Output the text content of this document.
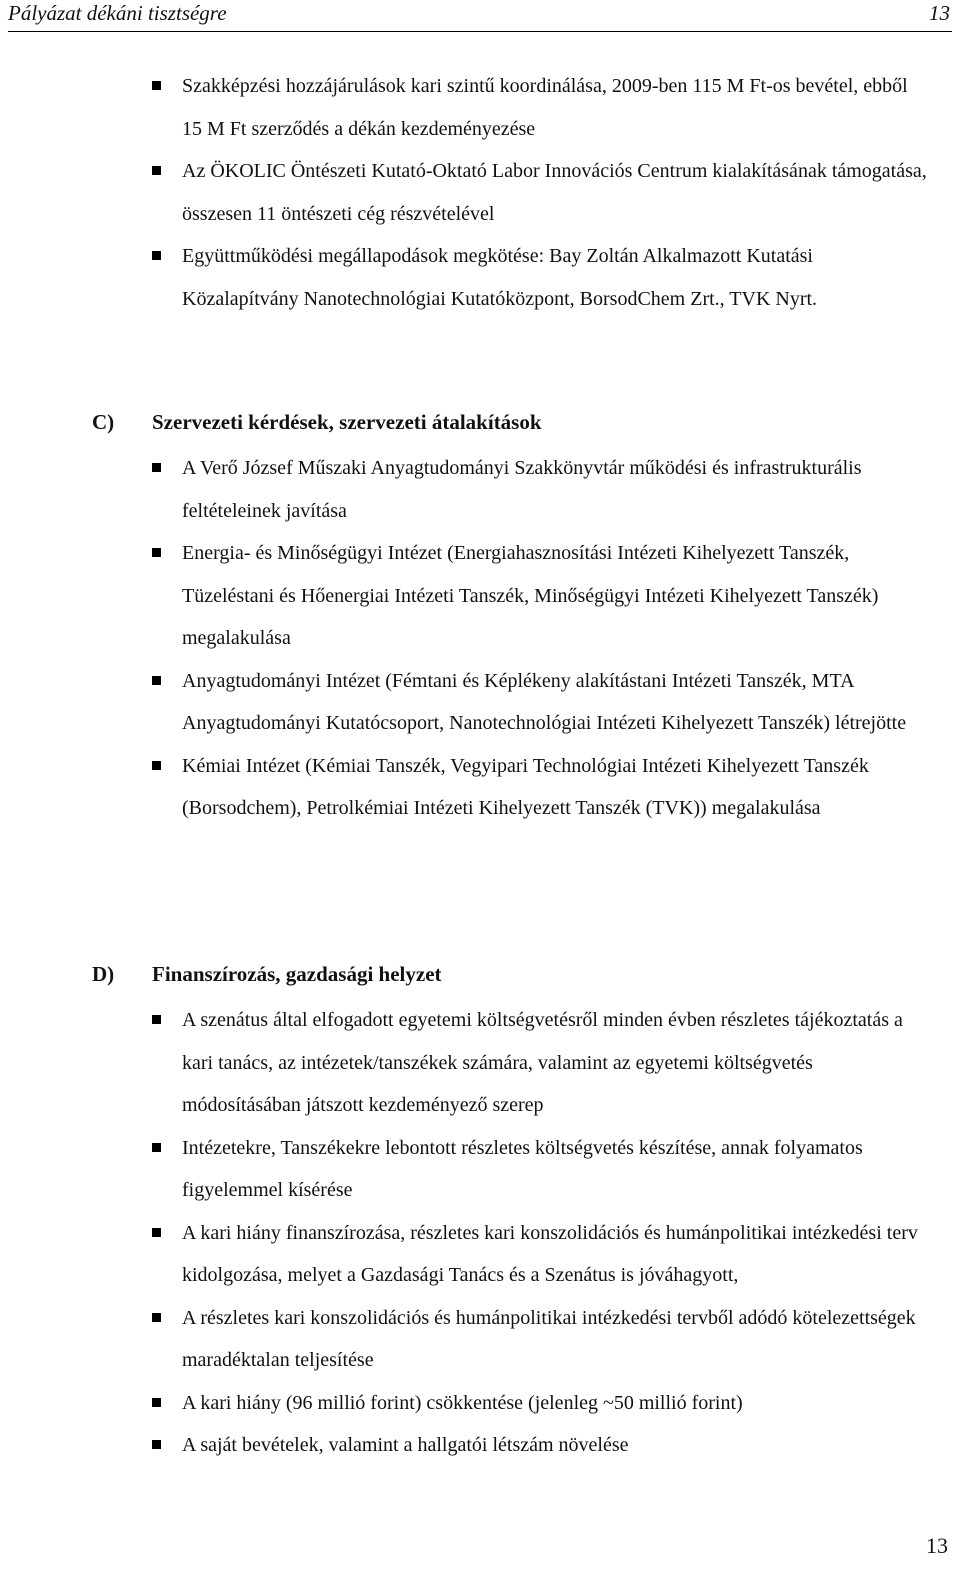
Pályázat dékáni tisztségre	13
Szakképzési hozzájárulások kari szintű koordinálása, 2009-ben 115 M Ft-os bevétel, ebből 15 M Ft szerződés a dékán kezdeményezése
Az ÖKOLIC Öntészeti Kutató-Oktató Labor Innovációs Centrum kialakításának támogatása, összesen 11 öntészeti cég részvételével
Együttműködési megállapodások megkötése: Bay Zoltán Alkalmazott Kutatási Közalapítvány Nanotechnológiai Kutatóközpont, BorsodChem Zrt., TVK Nyrt.
C) Szervezeti kérdések, szervezeti átalakítások
A Verő József Műszaki Anyagtudományi Szakkönyvtár működési és infrastrukturális feltételeinek javítása
Energia- és Minőségügyi Intézet (Energiahasznosítási Intézeti Kihelyezett Tanszék, Tüzeléstani és Hőenergiai Intézeti Tanszék, Minőségügyi Intézeti Kihelyezett Tanszék) megalakulása
Anyagtudományi Intézet (Fémtani és Képlékeny alakítástani Intézeti Tanszék, MTA Anyagtudományi Kutatócsoport, Nanotechnológiai Intézeti Kihelyezett Tanszék) létrejötte
Kémiai Intézet (Kémiai Tanszék, Vegyipari Technológiai Intézeti Kihelyezett Tanszék (Borsodchem), Petrolkémiai Intézeti Kihelyezett Tanszék (TVK)) megalakulása
D) Finanszírozás, gazdasági helyzet
A szenátus által elfogadott egyetemi költségvetésről minden évben részletes tájékoztatás a kari tanács, az intézetek/tanszékek számára, valamint az egyetemi költségvetés módosításában játszott kezdeményező szerep
Intézetekre, Tanszékekre lebontott részletes költségvetés készítése, annak folyamatos figyelemmel kísérése
A kari hiány finanszírozása, részletes kari konszolidációs és humánpolitikai intézkedési terv kidolgozása, melyet a Gazdasági Tanács és a Szenátus is jóváhagyott,
A részletes kari konszolidációs és humánpolitikai intézkedési tervből adódó kötelezettségek maradéktalan teljesítése
A kari hiány (96 millió forint) csökkentése (jelenleg ~50 millió forint)
A saját bevételek, valamint a hallgatói létszám növelése
13
